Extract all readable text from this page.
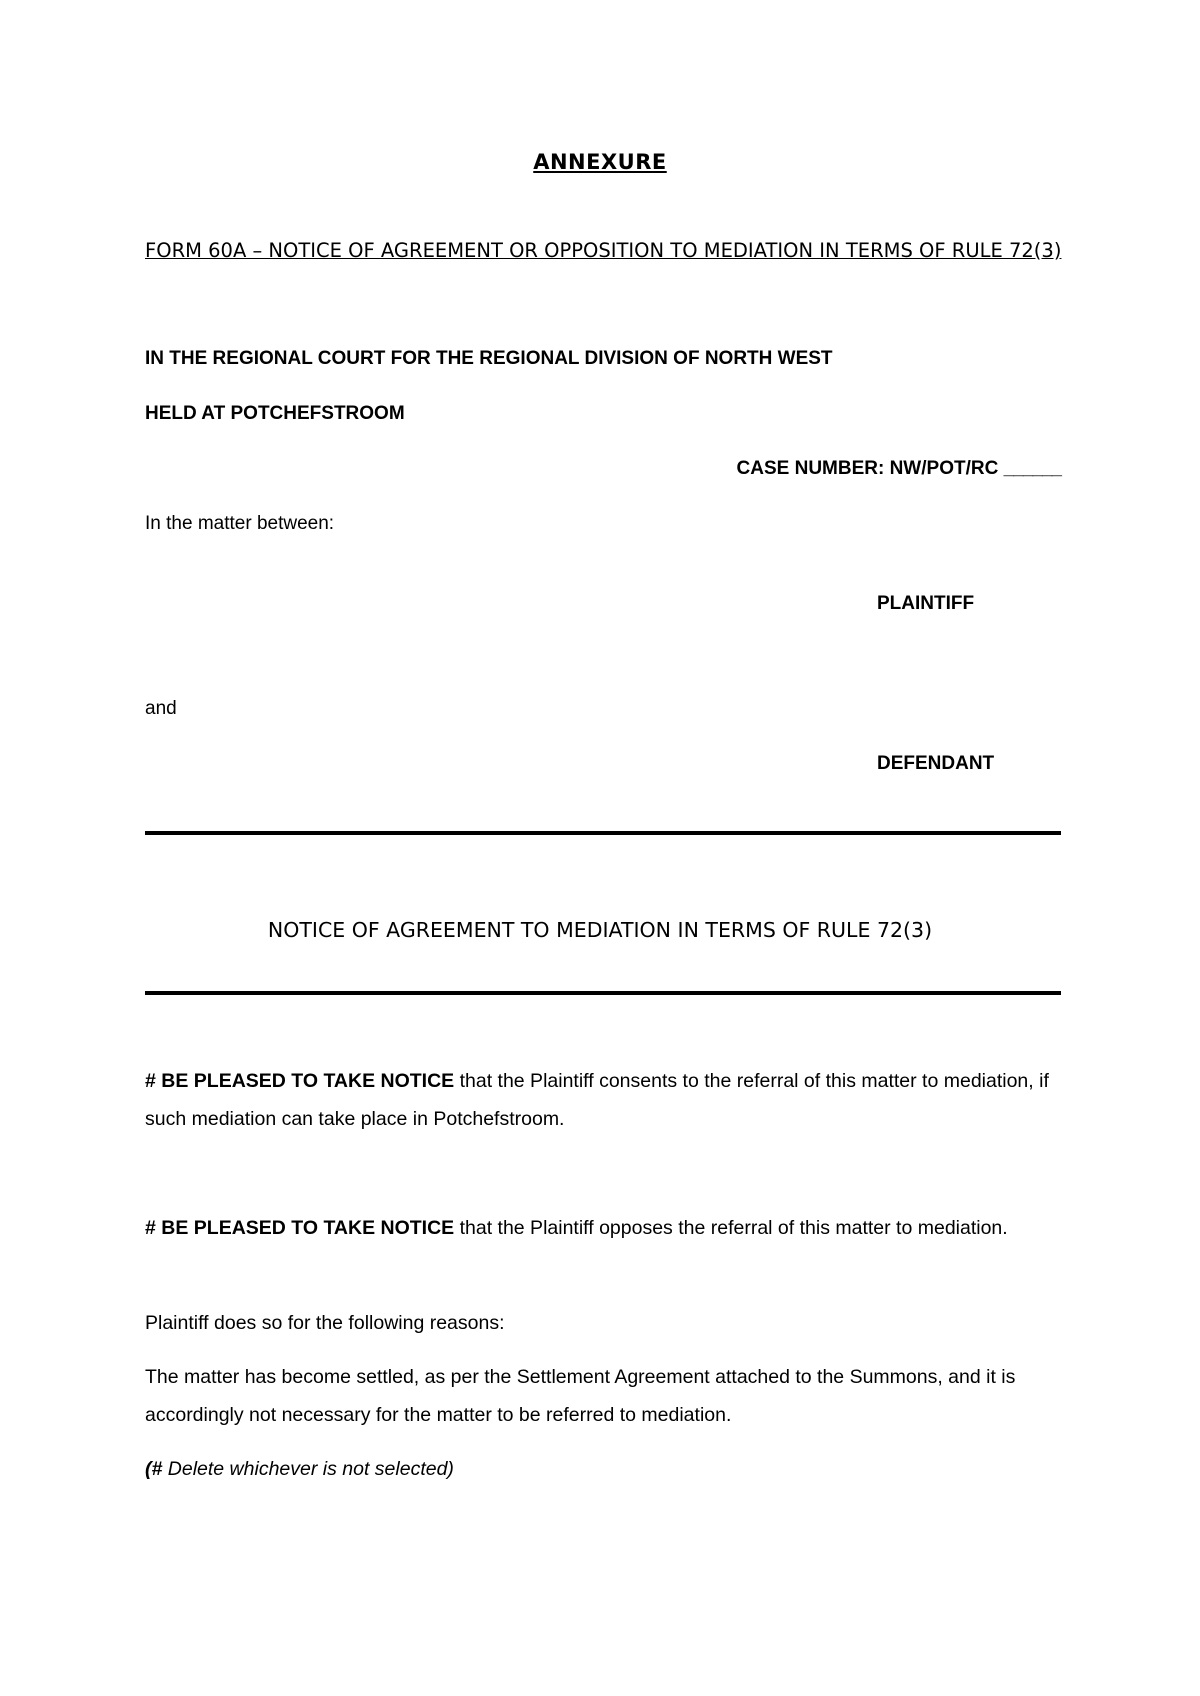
ANNEXURE
FORM 60A – NOTICE OF AGREEMENT OR OPPOSITION TO MEDIATION IN TERMS OF RULE 72(3)
IN THE REGIONAL COURT FOR THE REGIONAL DIVISION OF NORTH WEST
HELD AT POTCHEFSTROOM
CASE NUMBER: NW/POT/RC ______
In the matter between:
PLAINTIFF
and
DEFENDANT
NOTICE OF AGREEMENT TO MEDIATION IN TERMS OF RULE 72(3)
# BE PLEASED TO TAKE NOTICE that the Plaintiff consents to the referral of this matter to mediation, if such mediation can take place in Potchefstroom.
# BE PLEASED TO TAKE NOTICE that the Plaintiff opposes the referral of this matter to mediation.
Plaintiff does so for the following reasons:
The matter has become settled, as per the Settlement Agreement attached to the Summons, and it is accordingly not necessary for the matter to be referred to mediation.
(# Delete whichever is not selected)
